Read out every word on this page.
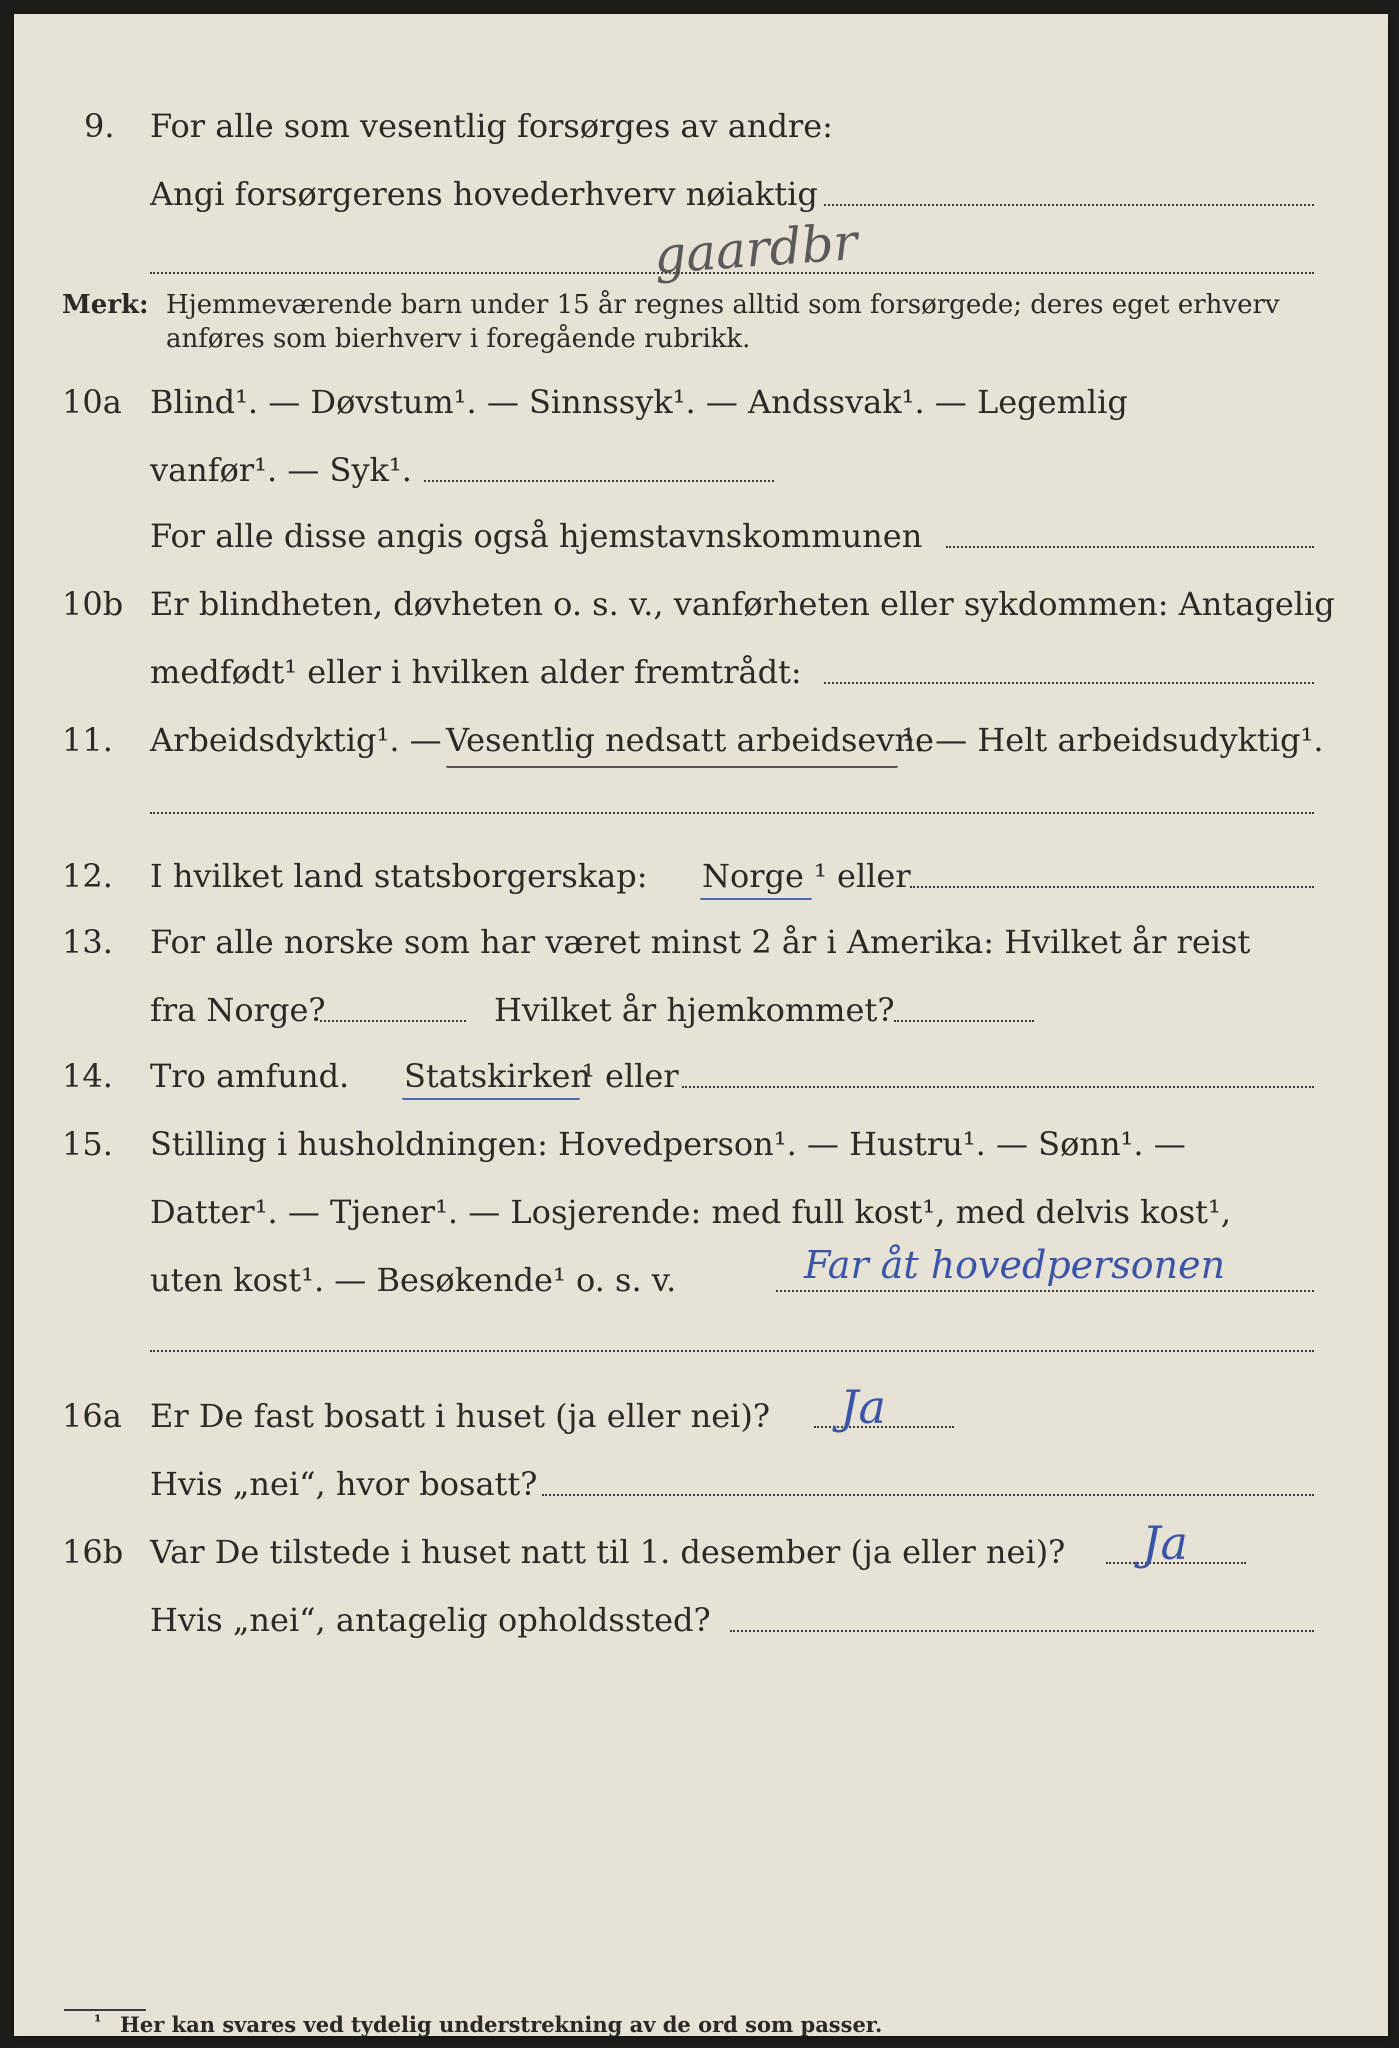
9. For alle som vesentlig forsørges av andre:
Angi forsørgerens hovederhverv nøiaktig
gaardbr
Merk: Hjemmeværende barn under 15 år regnes alltid som forsørgede; deres eget erhverv
anføres som bierhverv i foregående rubrikk.
10a Blind¹. — Døvstum¹. — Sinnssyk¹. — Andssvak¹. — Legemlig
vanfør¹. — Syk¹.
For alle disse angis også hjemstavnskommunen
10b Er blindheten, døvheten o. s. v., vanførheten eller sykdommen: Antagelig
medfødt¹ eller i hvilken alder fremtrådt:
11. Arbeidsdyktig¹. — Vesentlig nedsatt arbeidsevne
¹. — Helt arbeidsudyktig¹.
12. I hvilket land statsborgerskap: Norge ¹ eller
13. For alle norske som har været minst 2 år i Amerika: Hvilket år reist
fra Norge?	Hvilket år hjemkommet?
14. Tro amfund. Statskirken
¹ eller
15. Stilling i husholdningen: Hovedperson¹. — Hustru¹. — Sønn¹. —
Datter¹. — Tjener¹. — Losjerende: med full kost¹, med delvis kost¹,
uten kost¹. — Besøkende¹ o. s. v.	Far åt hovedpersonen
16a Er De fast bosatt i huset (ja eller nei)? Ja
Hvis „nei“, hvor bosatt?
16b Var De tilstede i huset natt til 1. desember (ja eller nei)? Ja
Hvis „nei“, antagelig opholdssted?
¹ Her kan svares ved tydelig understrekning av de ord som passer.
